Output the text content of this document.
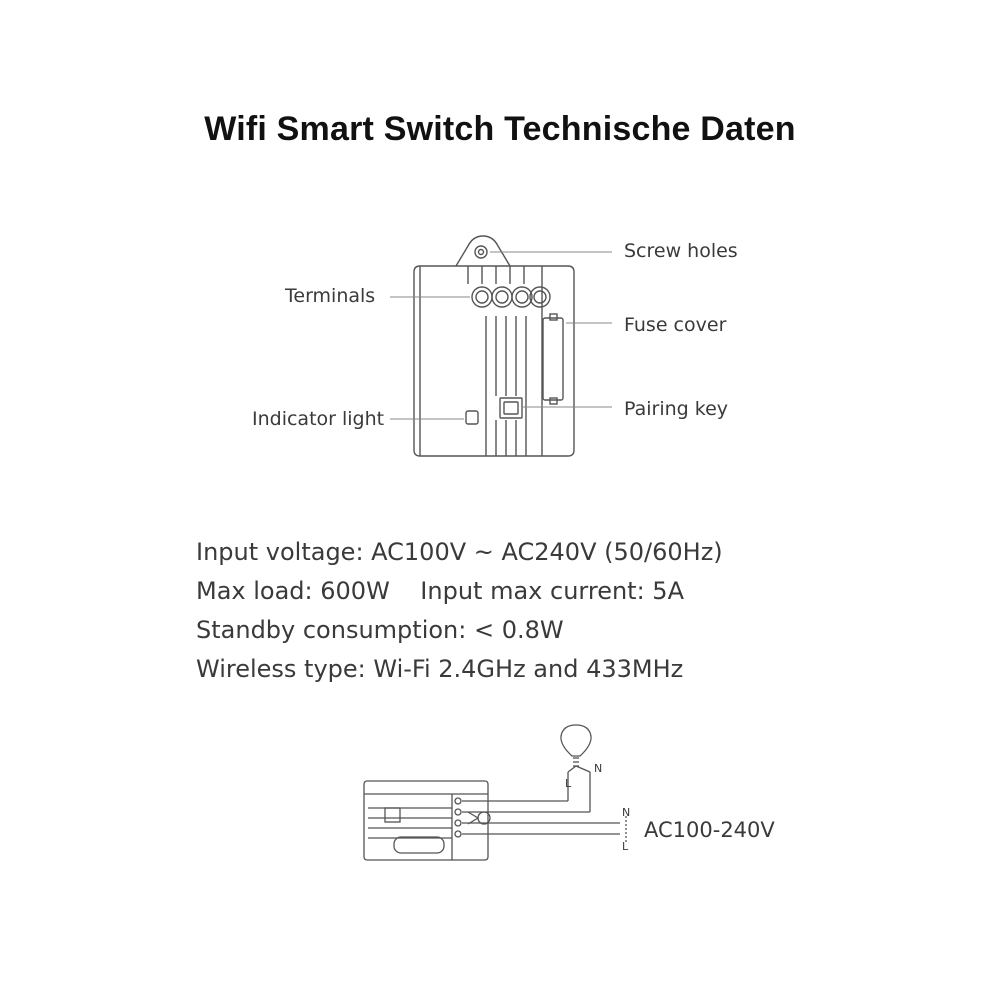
Wifi Smart Switch Technische Daten
Screw holes
Terminals
Fuse cover
Indicator light	Pairing key
Input voltage: AC100V ~ AC240V (50/60Hz)
Max load: 600W    Input max current: 5A
Standby consumption: < 0.8W
Wireless type: Wi-Fi 2.4GHz and 433MHz
N
L
N
L
AC100-240V
